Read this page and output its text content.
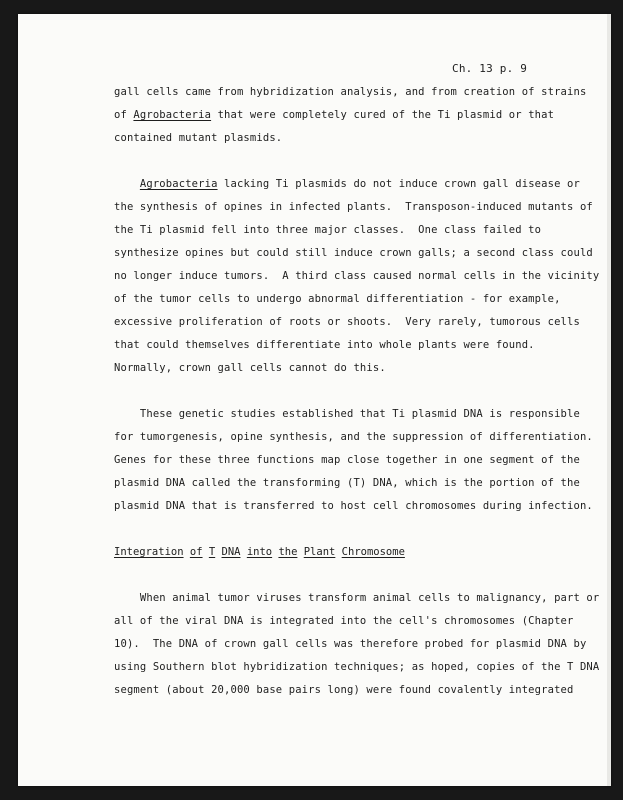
Ch. 13 p. 9
gall cells came from hybridization analysis, and from creation of strains
of Agrobacteria that were completely cured of the Ti plasmid or that
contained mutant plasmids.
Agrobacteria lacking Ti plasmids do not induce crown gall disease or
the synthesis of opines in infected plants.  Transposon-induced mutants of
the Ti plasmid fell into three major classes.  One class failed to
synthesize opines but could still induce crown galls; a second class could
no longer induce tumors.  A third class caused normal cells in the vicinity
of the tumor cells to undergo abnormal differentiation - for example,
excessive proliferation of roots or shoots.  Very rarely, tumorous cells
that could themselves differentiate into whole plants were found.
Normally, crown gall cells cannot do this.
These genetic studies established that Ti plasmid DNA is responsible
for tumorgenesis, opine synthesis, and the suppression of differentiation.
Genes for these three functions map close together in one segment of the
plasmid DNA called the transforming (T) DNA, which is the portion of the
plasmid DNA that is transferred to host cell chromosomes during infection.
Integration of T DNA into the Plant Chromosome
When animal tumor viruses transform animal cells to malignancy, part or
all of the viral DNA is integrated into the cell's chromosomes (Chapter
10).  The DNA of crown gall cells was therefore probed for plasmid DNA by
using Southern blot hybridization techniques; as hoped, copies of the T DNA
segment (about 20,000 base pairs long) were found covalently integrated
